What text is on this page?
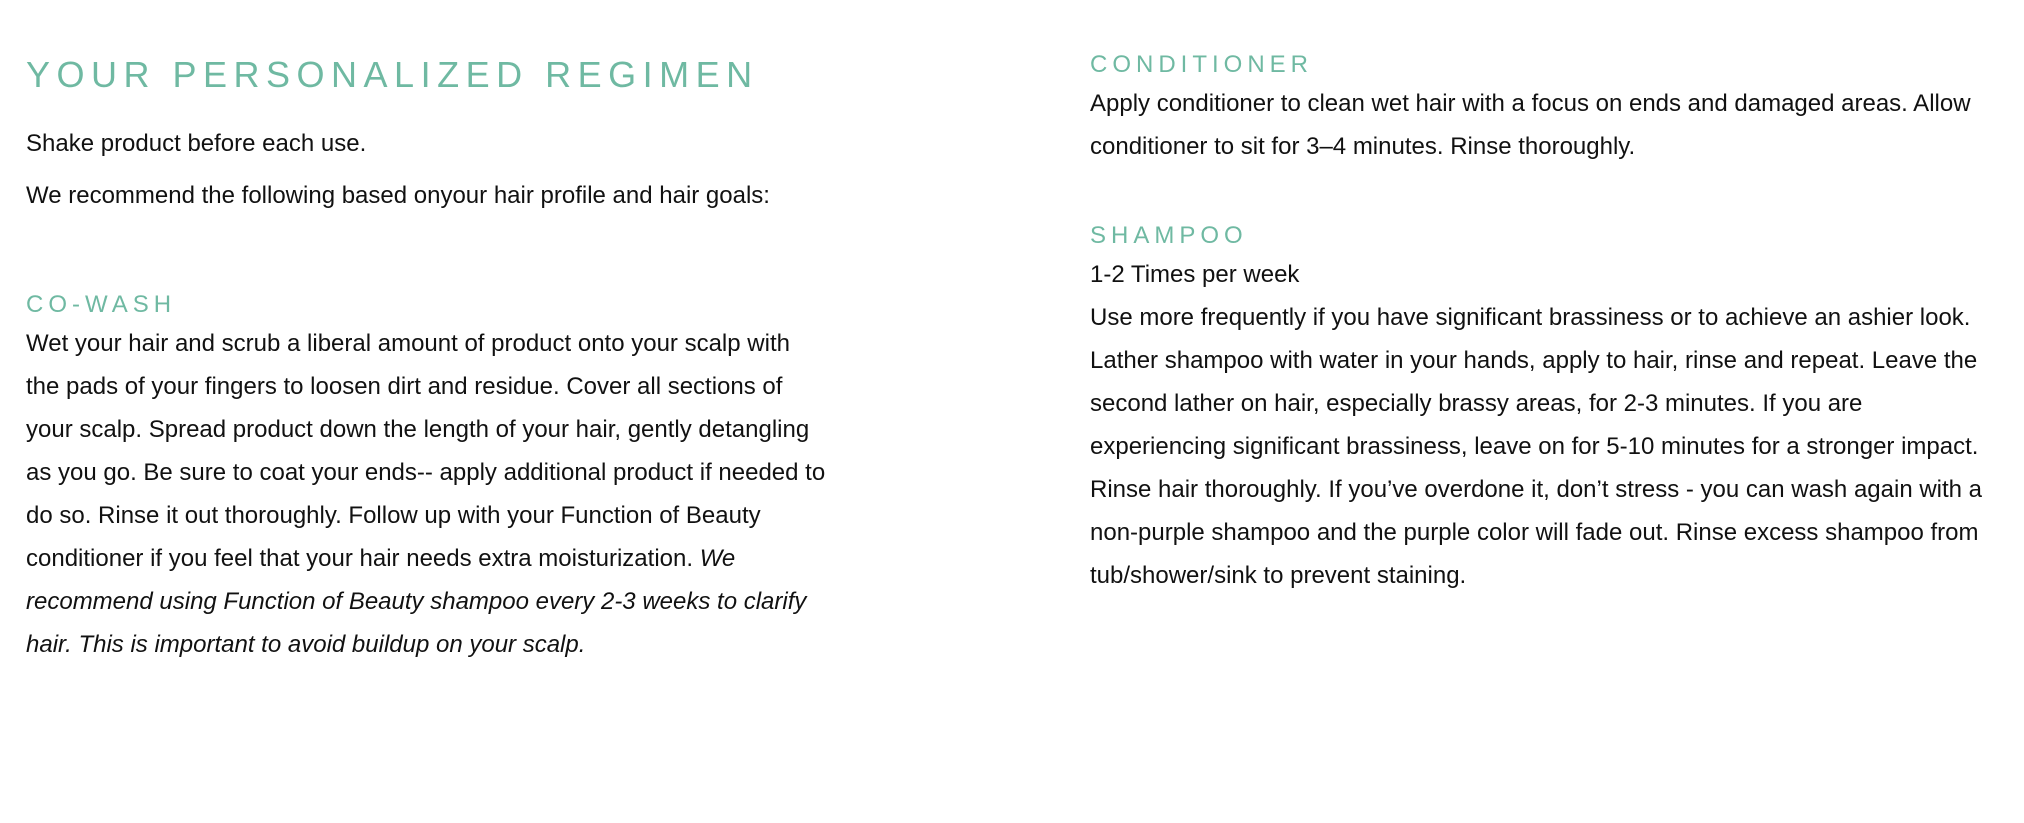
YOUR PERSONALIZED REGIMEN

Shake product before each use.

We recommend the following based onyour hair profile and hair goals:

CO-WASH

Wet your hair and scrub a liberal amount of product onto your scalp with the pads of your fingers to loosen dirt and residue. Cover all sections of your scalp. Spread product down the length of your hair, gently detangling as you go. Be sure to coat your ends-- apply additional product if needed to do so. Rinse it out thoroughly. Follow up with your Function of Beauty conditioner if you feel that your hair needs extra moisturization. We recommend using Function of Beauty shampoo every 2-3 weeks to clarify hair. This is important to avoid buildup on your scalp.

CONDITIONER

Apply conditioner to clean wet hair with a focus on ends and damaged areas. Allow conditioner to sit for 3–4 minutes. Rinse thoroughly.

SHAMPOO

1-2 Times per week

Use more frequently if you have significant brassiness or to achieve an ashier look. Lather shampoo with water in your hands, apply to hair, rinse and repeat. Leave the second lather on hair, especially brassy areas, for 2-3 minutes. If you are experiencing significant brassiness, leave on for 5-10 minutes for a stronger impact. Rinse hair thoroughly. If you’ve overdone it, don’t stress - you can wash again with a non-purple shampoo and the purple color will fade out. Rinse excess shampoo from tub/shower/sink to prevent staining.
